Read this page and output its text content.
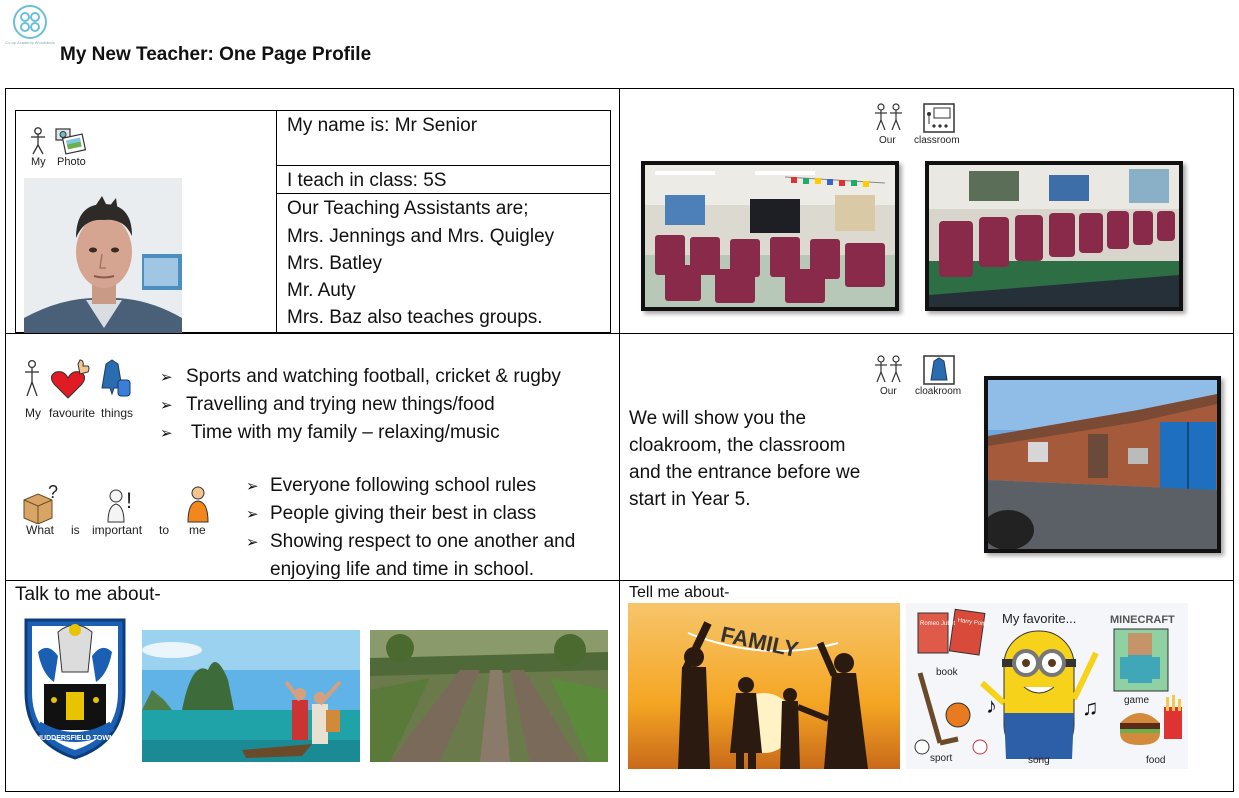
Co-op Academy Woodlands
My New Teacher: One Page Profile
My Photo
My name is: Mr Senior
I teach in class: 5S
Our Teaching Assistants are;
Mrs. Jennings and Mrs. Quigley
Mrs. Batley
Mr. Auty
Mrs. Baz also teaches groups.
Our classroom
My favourite things
➢ Sports and watching football, cricket & rugby
➢ Travelling and trying new things/food
➢ Time with my family – relaxing/music
?	!
What is important to me
➢ Everyone following school rules
➢ People giving their best in class
➢ Showing respect to one another and
enjoying life and time in school.
Our cloakroom
We will show you the
cloakroom, the classroom
and the entrance before we
start in Year 5.
Talk to me about-
HUDDERSFIELD TOWN
Tell me about-
FAMILY	Romeo Juliet Harry Potter
book
My favorite...
♪	♫
song
MINECRAFT
game
sport	food
